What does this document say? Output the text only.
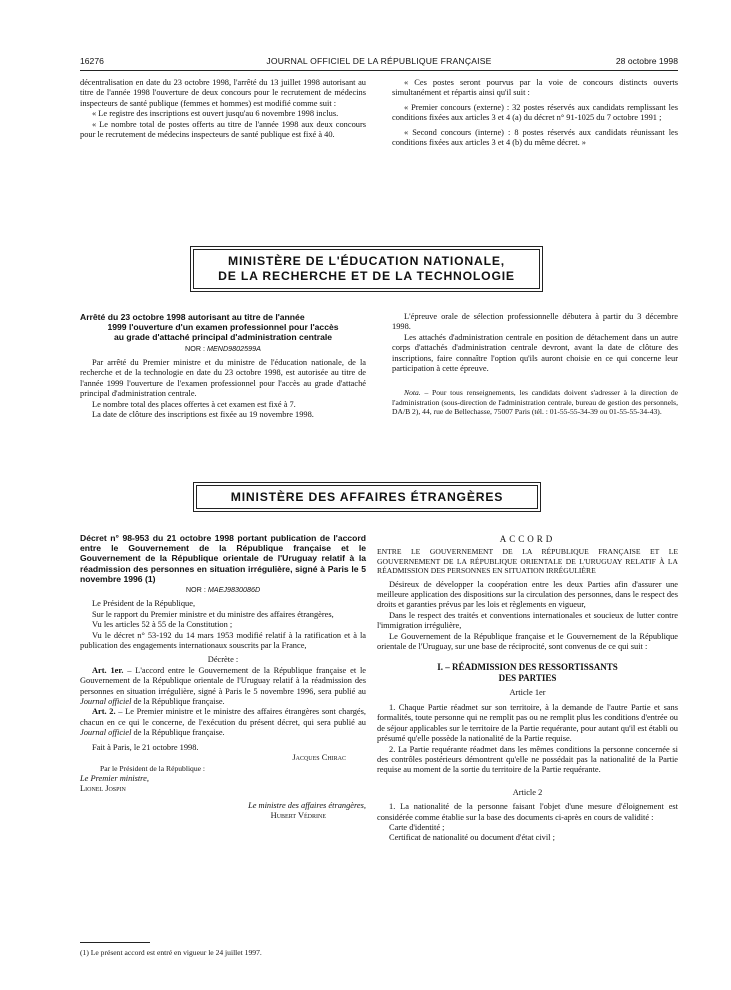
JOURNAL OFFICIEL DE LA RÉPUBLIQUE FRANÇAISE
16276	28 octobre 1998

décentralisation en date du 23 octobre 1998, l'arrêté du 13 juillet 1998 autorisant au titre de l'année 1998 l'ouverture de deux concours pour le recrutement de médecins inspecteurs de santé publique (femmes et hommes) est modifié comme suit :

« Le registre des inscriptions est ouvert jusqu'au 6 novembre 1998 inclus.

« Le nombre total de postes offerts au titre de l'année 1998 aux deux concours pour le recrutement de médecins inspecteurs de santé publique est fixé à 40.

« Ces postes seront pourvus par la voie de concours distincts ouverts simultanément et répartis ainsi qu'il suit :

« Premier concours (externe) : 32 postes réservés aux candidats remplissant les conditions fixées aux articles 3 et 4 (a) du décret n° 91-1025 du 7 octobre 1991 ;

« Second concours (interne) : 8 postes réservés aux candidats réunissant les conditions fixées aux articles 3 et 4 (b) du même décret. »

MINISTÈRE DE L'ÉDUCATION NATIONALE,
DE LA RECHERCHE ET DE LA TECHNOLOGIE
Arrêté du 23 octobre 1998 autorisant au titre de l'année
1999 l'ouverture d'un examen professionnel pour l'accès
au grade d'attaché principal d'administration centrale

NOR : MEND9802599A

Par arrêté du Premier ministre et du ministre de l'éducation nationale, de la recherche et de la technologie en date du 23 octobre 1998, est autorisée au titre de l'année 1999 l'ouverture de l'examen professionnel pour l'accès au grade d'attaché principal d'administration centrale.

Le nombre total des places offertes à cet examen est fixé à 7.

La date de clôture des inscriptions est fixée au 19 novembre 1998.

L'épreuve orale de sélection professionnelle débutera à partir du 3 décembre 1998.

Les attachés d'administration centrale en position de détachement dans un autre corps d'attachés d'administration centrale devront, avant la date de clôture des inscriptions, faire connaître l'option qu'ils auront choisie en ce qui concerne leur participation à cette épreuve.

Nota. – Pour tous renseignements, les candidats doivent s'adresser à la direction de l'administration (sous-direction de l'administration centrale, bureau de gestion des personnels, DA/B 2), 44, rue de Bellechasse, 75007 Paris (tél. : 01-55-55-34-39 ou 01-55-55-34-43).

MINISTÈRE DES AFFAIRES ÉTRANGÈRES
Décret n° 98-953 du 21 octobre 1998 portant publication de l'accord entre le Gouvernement de la République française et le Gouvernement de la République orientale de l'Uruguay relatif à la réadmission des personnes en situation irrégulière, signé à Paris le 5 novembre 1996 (1)

NOR : MAEJ9830086D

Le Président de la République,

Sur le rapport du Premier ministre et du ministre des affaires étrangères,

Vu les articles 52 à 55 de la Constitution ;

Vu le décret n° 53-192 du 14 mars 1953 modifié relatif à la ratification et à la publication des engagements internationaux souscrits par la France,

Décrète :

Art. 1er. – L'accord entre le Gouvernement de la République française et le Gouvernement de la République orientale de l'Uruguay relatif à la réadmission des personnes en situation irrégulière, signé à Paris le 5 novembre 1996, sera publié au Journal officiel de la République française.

Art. 2. – Le Premier ministre et le ministre des affaires étrangères sont chargés, chacun en ce qui le concerne, de l'exécution du présent décret, qui sera publié au Journal officiel de la République française.

Fait à Paris, le 21 octobre 1998.

Jacques Chirac

Par le Président de la République :

Le Premier ministre,

Lionel Jospin

Le ministre des affaires étrangères,

Hubert Védrine

ACCORD

ENTRE LE GOUVERNEMENT DE LA RÉPUBLIQUE FRANÇAISE ET LE GOUVERNEMENT DE LA RÉPUBLIQUE ORIENTALE DE L'URUGUAY RELATIF À LA RÉADMISSION DES PERSONNES EN SITUATION IRRÉGULIÈRE

Désireux de développer la coopération entre les deux Parties afin d'assurer une meilleure application des dispositions sur la circulation des personnes, dans le respect des droits et garanties prévus par les lois et règlements en vigueur,

Dans le respect des traités et conventions internationales et soucieux de lutter contre l'immigration irrégulière,

Le Gouvernement de la République française et le Gouvernement de la République orientale de l'Uruguay, sur une base de réciprocité, sont convenus de ce qui suit :

I. – RÉADMISSION DES RESSORTISSANTS

DES PARTIES

Article 1er

1. Chaque Partie réadmet sur son territoire, à la demande de l'autre Partie et sans formalités, toute personne qui ne remplit pas ou ne remplit plus les conditions d'entrée ou de séjour applicables sur le territoire de la Partie requérante, pour autant qu'il est établi ou présumé qu'elle possède la nationalité de la Partie requise.

2. La Partie requérante réadmet dans les mêmes conditions la personne concernée si des contrôles postérieurs démontrent qu'elle ne possédait pas la nationalité de la Partie requise au moment de la sortie du territoire de la Partie requérante.

Article 2

1. La nationalité de la personne faisant l'objet d'une mesure d'éloignement est considérée comme établie sur la base des documents ci-après en cours de validité :

Carte d'identité ;

Certificat de nationalité ou document d'état civil ;

(1) Le présent accord est entré en vigueur le 24 juillet 1997.
